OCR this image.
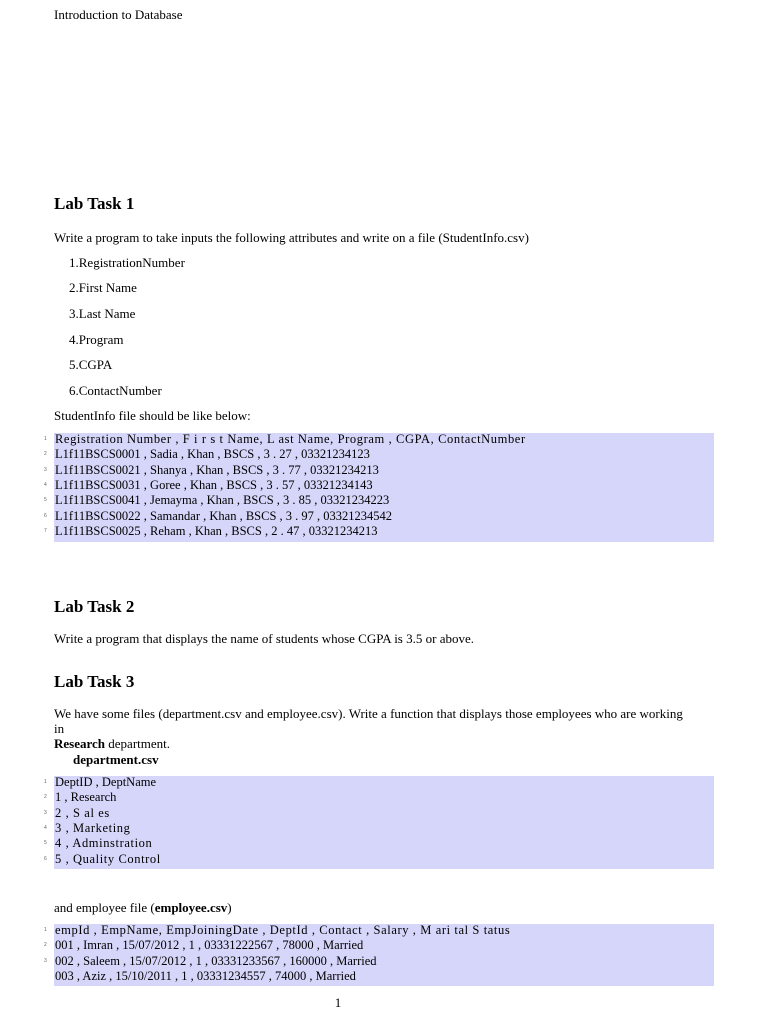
Introduction to Database
Lab Task 1
Write a program to take inputs the following attributes and write on a file (StudentInfo.csv)
1.RegistrationNumber
2.First Name
3.Last Name
4.Program
5.CGPA
6.ContactNumber
StudentInfo file should be like below:
1 Registration Number , F i r s t Name, L ast Name, Program , CGPA, ContactNumber
2 L1f11BSCS0001 , Sadia , Khan , BSCS , 3 . 27 , 03321234123
3 L1f11BSCS0021 , Shanya , Khan , BSCS , 3 . 77 , 03321234213
4 L1f11BSCS0031 , Goree , Khan , BSCS , 3 . 57 , 03321234143
5 L1f11BSCS0041 , Jemayma , Khan , BSCS , 3 . 85 , 03321234223
6 L1f11BSCS0022 , Samandar , Khan , BSCS , 3 . 97 , 03321234542
7 L1f11BSCS0025 , Reham , Khan , BSCS , 2 . 47 , 03321234213
Lab Task 2
Write a program that displays the name of students whose CGPA is 3.5 or above.
Lab Task 3
We have some files (department.csv and employee.csv). Write a function that displays those employees who are working
in
Research department.
department.csv
1 DeptID , DeptName
2 1 , Research
3 2 , S al es
4 3 , Marketing
5 4 , Adminstration
6 5 , Quality Control
and employee file (employee.csv)
1 empId , EmpName, EmpJoiningDate , DeptId , Contact , Salary , M ari tal S tatus
2 001 , Imran , 15/07/2012 , 1 , 03331222567 , 78000 , Married
3 002 , Saleem , 15/07/2012 , 1 , 03331233567 , 160000 , Married
003 , Aziz , 15/10/2011 , 1 , 03331234557 , 74000 , Married
1
